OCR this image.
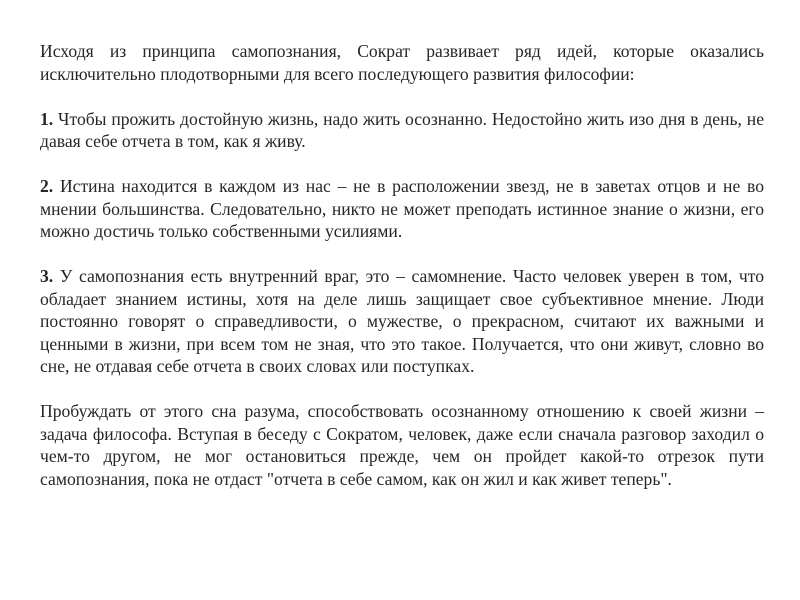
Исходя из принципа самопознания, Сократ развивает ряд идей, которые оказались исключительно плодотворными для всего последующего развития философии:

1. Чтобы прожить достойную жизнь, надо жить осознанно. Недостойно жить изо дня в день, не давая себе отчета в том, как я живу.

2. Истина находится в каждом из нас – не в расположении звезд, не в заветах отцов и не во мнении большинства. Следовательно, никто не может преподать истинное знание о жизни, его можно достичь только собственными усилиями.

3. У самопознания есть внутренний враг, это – самомнение. Часто человек уверен в том, что обладает знанием истины, хотя на деле лишь защищает свое субъективное мнение. Люди постоянно говорят о справедливости, о мужестве, о прекрасном, считают их важными и ценными в жизни, при всем том не зная, что это такое. Получается, что они живут, словно во сне, не отдавая себе отчета в своих словах или поступках.

Пробуждать от этого сна разума, способствовать осознанному отношению к своей жизни – задача философа. Вступая в беседу с Сократом, человек, даже если сначала разговор заходил о чем-то другом, не мог остановиться прежде, чем он пройдет какой-то отрезок пути самопознания, пока не отдаст "отчета в себе самом, как он жил и как живет теперь".
